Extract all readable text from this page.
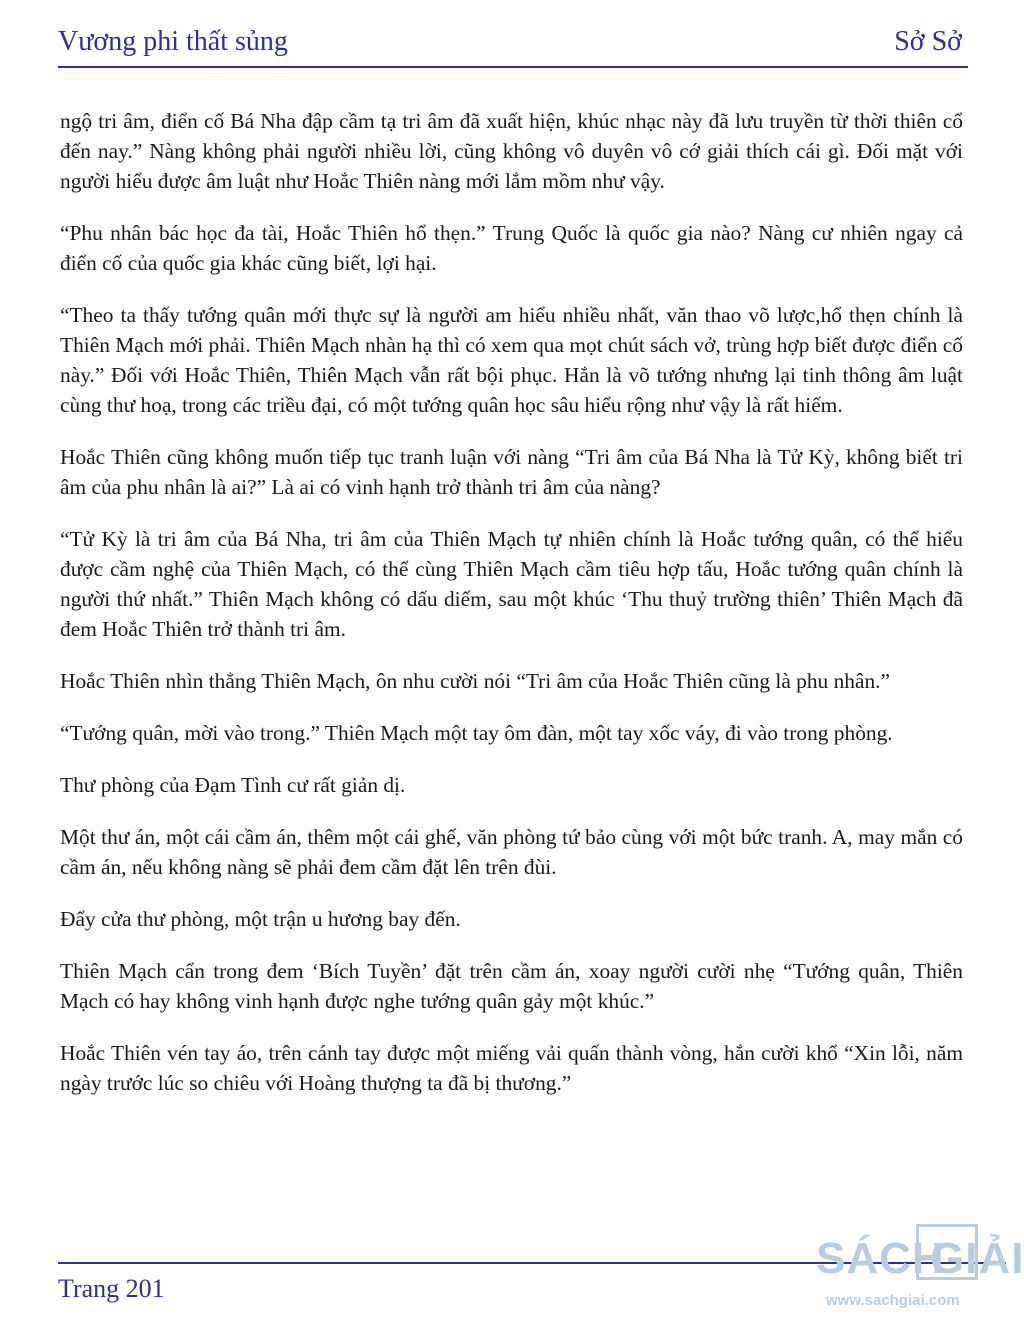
Vương phi thất sủng	Sở Sở

ngộ tri âm, điển cố Bá Nha đập cầm tạ tri âm đã xuất hiện, khúc nhạc này đã lưu truyền từ thời thiên cổ đến nay.” Nàng không phải người nhiều lời, cũng không vô duyên vô cớ giải thích cái gì. Đối mặt với người hiểu được âm luật như Hoắc Thiên nàng mới lắm mồm như vậy.

“Phu nhân bác học đa tài, Hoắc Thiên hổ thẹn.” Trung Quốc là quốc gia nào? Nàng cư nhiên ngay cả điển cố của quốc gia khác cũng biết, lợi hại.

“Theo ta thấy tướng quân mới thực sự là người am hiểu nhiều nhất, văn thao võ lược,hổ thẹn chính là Thiên Mạch mới phải. Thiên Mạch nhàn hạ thì có xem qua mọt chút sách vở, trùng hợp biết được điển cố này.” Đối với Hoắc Thiên, Thiên Mạch vẫn rất bội phục. Hắn là võ tướng nhưng lại tinh thông âm luật cùng thư hoạ, trong các triều đại, có một tướng quân học sâu hiểu rộng như vậy là rất hiếm.

Hoắc Thiên cũng không muốn tiếp tục tranh luận với nàng “Tri âm của Bá Nha là Tử Kỳ, không biết tri âm của phu nhân là ai?” Là ai có vinh hạnh trở thành tri âm của nàng?

“Tử Kỳ là tri âm của Bá Nha, tri âm của Thiên Mạch tự nhiên chính là Hoắc tướng quân, có thể hiểu được cầm nghệ của Thiên Mạch, có thể cùng Thiên Mạch cầm tiêu hợp tấu, Hoắc tướng quân chính là người thứ nhất.” Thiên Mạch không có dấu diếm, sau một khúc ‘Thu thuỷ trường thiên’ Thiên Mạch đã đem Hoắc Thiên trở thành tri âm.

Hoắc Thiên nhìn thẳng Thiên Mạch, ôn nhu cười nói “Tri âm của Hoắc Thiên cũng là phu nhân.”

“Tướng quân, mời vào trong.” Thiên Mạch một tay ôm đàn, một tay xốc váy, đi vào trong phòng.

Thư phòng của Đạm Tình cư rất giản dị.

Một thư án, một cái cầm án, thêm một cái ghế, văn phòng tứ bảo cùng với một bức tranh. A, may mắn có cầm án, nếu không nàng sẽ phải đem cầm đặt lên trên đùi.

Đẩy cửa thư phòng, một trận u hương bay đến.

Thiên Mạch cẩn trong đem ‘Bích Tuyền’ đặt trên cầm án, xoay người cười nhẹ “Tướng quân, Thiên Mạch có hay không vinh hạnh được nghe tướng quân gảy một khúc.”

Hoắc Thiên vén tay áo, trên cánh tay được một miếng vải quấn thành vòng, hắn cười khổ “Xin lỗi, năm ngày trước lúc so chiêu với Hoàng thượng ta đã bị thương.”

Trang 201
SÁCH
GIẢI
www.sachgiai.com
